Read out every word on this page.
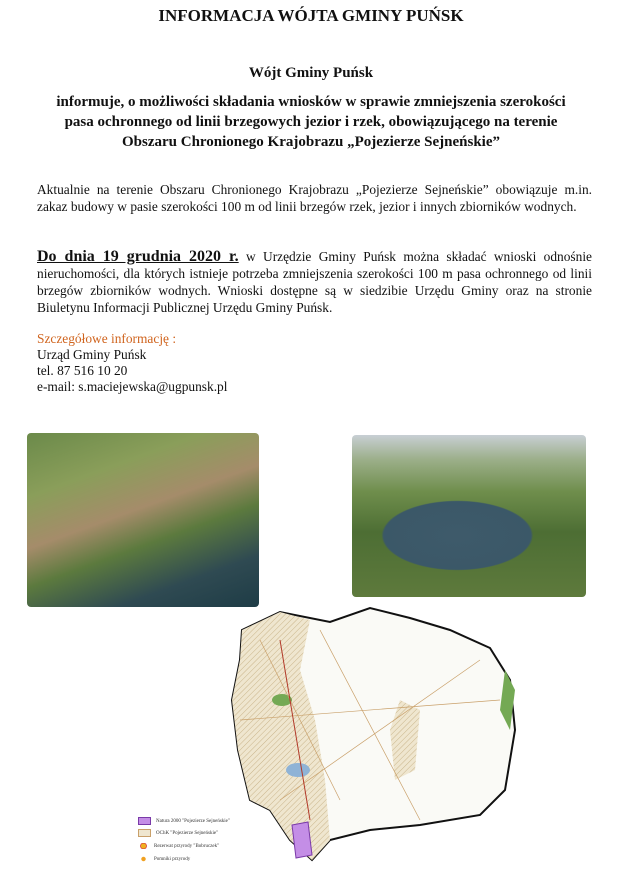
INFORMACJA WÓJTA GMINY PUŃSK
Wójt Gminy Puńsk
informuje, o możliwości składania wniosków w sprawie zmniejszenia szerokości pasa ochronnego od linii brzegowych jezior i rzek, obowiązującego na terenie Obszaru Chronionego Krajobrazu „Pojezierze Sejneńskie”
Aktualnie na terenie Obszaru Chronionego Krajobrazu „Pojezierze Sejneńskie” obowiązuje m.in. zakaz budowy w pasie szerokości 100 m od linii brzegów rzek, jezior i innych zbiorników wodnych.
Do dnia 19 grudnia 2020 r. w Urzędzie Gminy Puńsk można składać wnioski odnośnie nieruchomości, dla których istnieje potrzeba zmniejszenia szerokości 100 m pasa ochronnego od linii brzegów zbiorników wodnych. Wnioski dostępne są w siedzibie Urzędu Gminy oraz na stronie Biuletynu Informacji Publicznej Urzędu Gminy Puńsk.
Szczegółowe informację :
Urząd Gminy Puńsk
tel. 87 516 10 20
e-mail: s.maciejewska@ugpunsk.pl
Natura 2000 "Pojezierze Sejneńskie"
OChK "Pojezierze Sejneńskie"
Rezerwat przyrody "Bobruczek"
Pomniki przyrody
